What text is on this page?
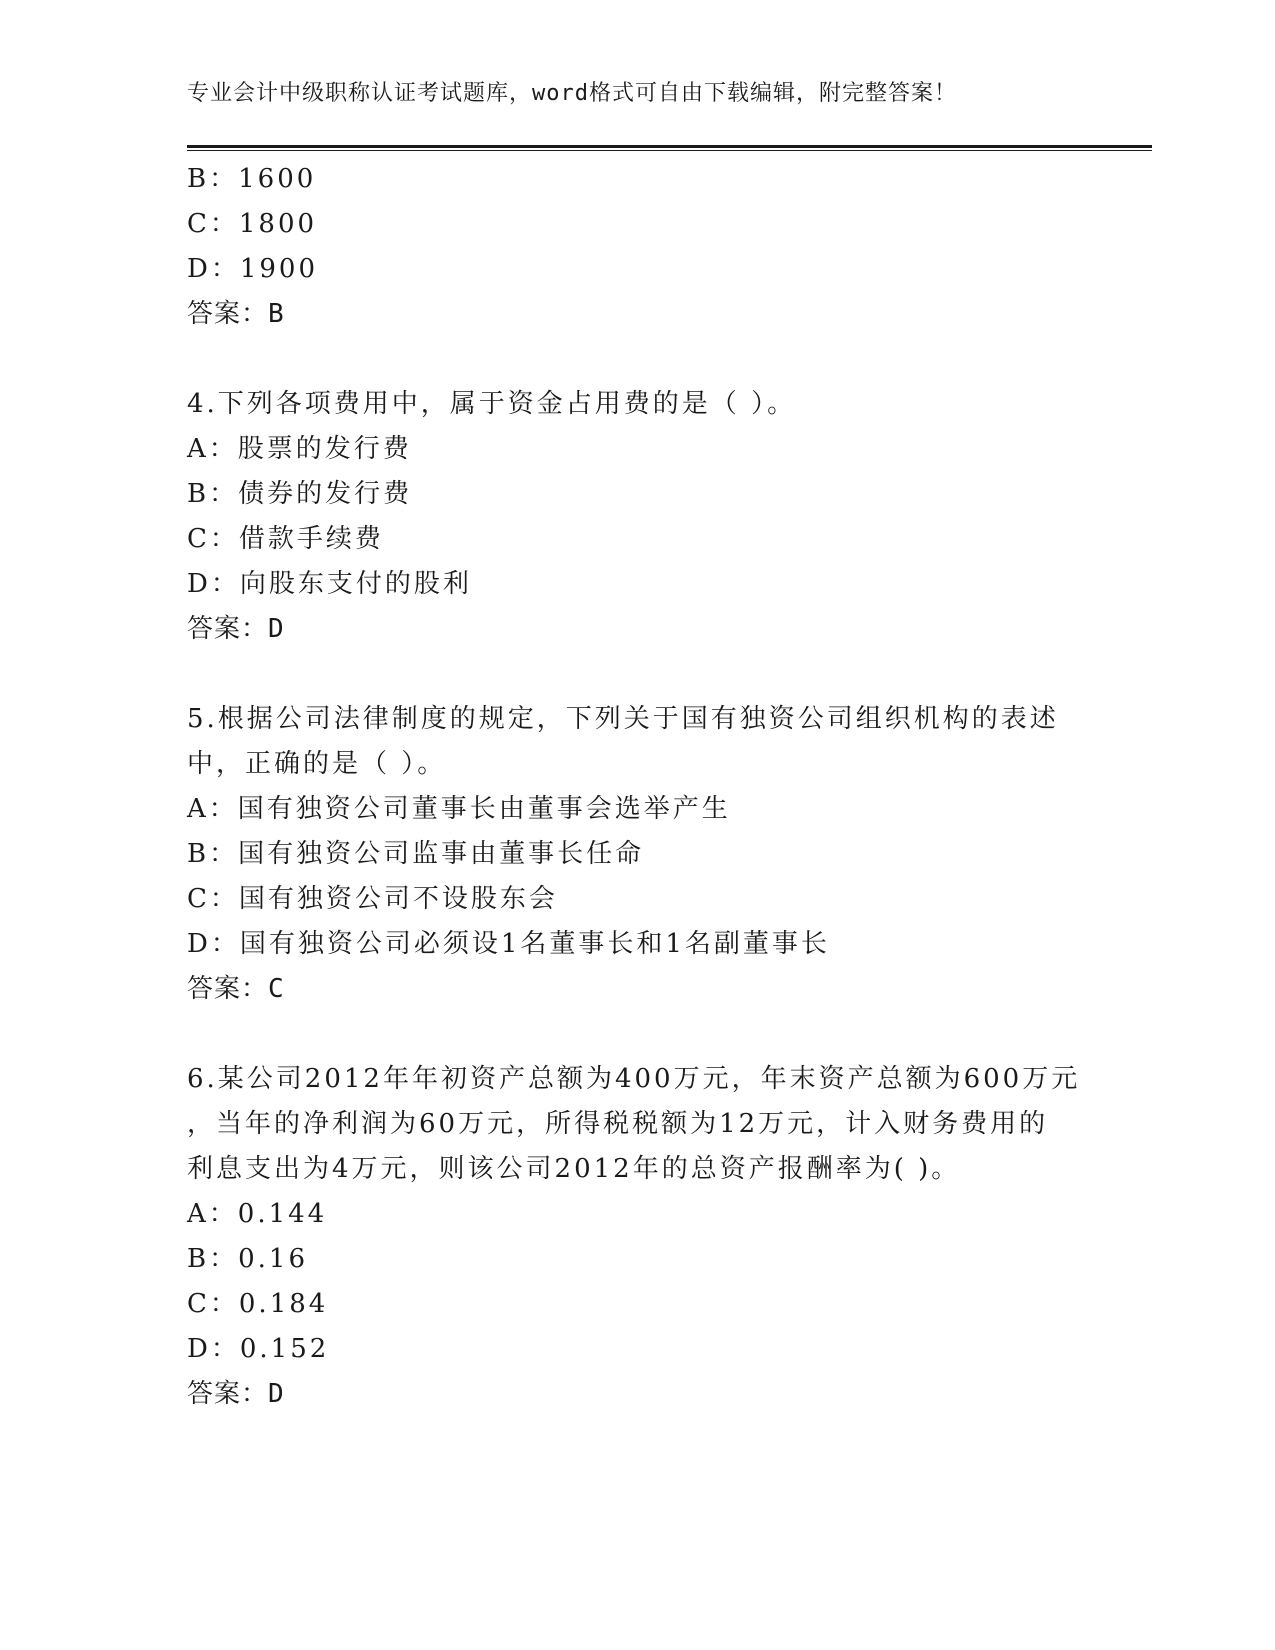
专业会计中级职称认证考试题库，word格式可自由下载编辑，附完整答案！
B：1600
C：1800
D：1900
答案：B
4.下列各项费用中，属于资金占用费的是（ ）。
A：股票的发行费
B：债券的发行费
C：借款手续费
D：向股东支付的股利
答案：D
5.根据公司法律制度的规定，下列关于国有独资公司组织机构的表述
中，正确的是（ ）。
A：国有独资公司董事长由董事会选举产生
B：国有独资公司监事由董事长任命
C：国有独资公司不设股东会
D：国有独资公司必须设1名董事长和1名副董事长
答案：C
6.某公司2012年年初资产总额为400万元，年末资产总额为600万元
，当年的净利润为60万元，所得税税额为12万元，计入财务费用的
利息支出为4万元，则该公司2012年的总资产报酬率为( )。
A：0.144
B：0.16
C：0.184
D：0.152
答案：D
